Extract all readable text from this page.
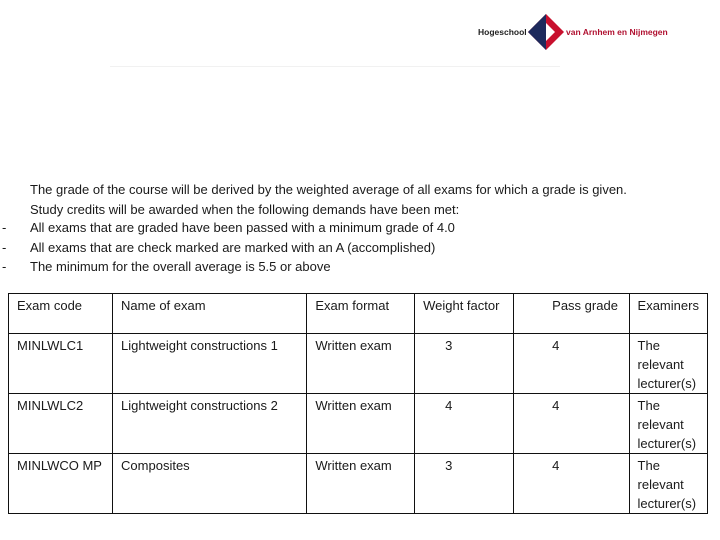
Hogeschool	van Arnhem en Nijmegen
The grade of the course will be derived by the weighted average of all exams for which a grade is given.
Study credits will be awarded when the following demands have been met:
- All exams that are graded have been passed with a minimum grade of 4.0
- All exams that are check marked are marked with an A (accomplished)
- The minimum for the overall average is 5.5 or above
Exam code	Name of exam	Exam format	Weight factor	Pass grade	Examiners
MINLWLC1	Lightweight constructions 1	Written exam	3	4	The relevant lecturer(s)
MINLWLC2	Lightweight constructions 2	Written exam	4	4	The relevant lecturer(s)
MINLWCO MP	Composites	Written exam	3	4	The relevant lecturer(s)
